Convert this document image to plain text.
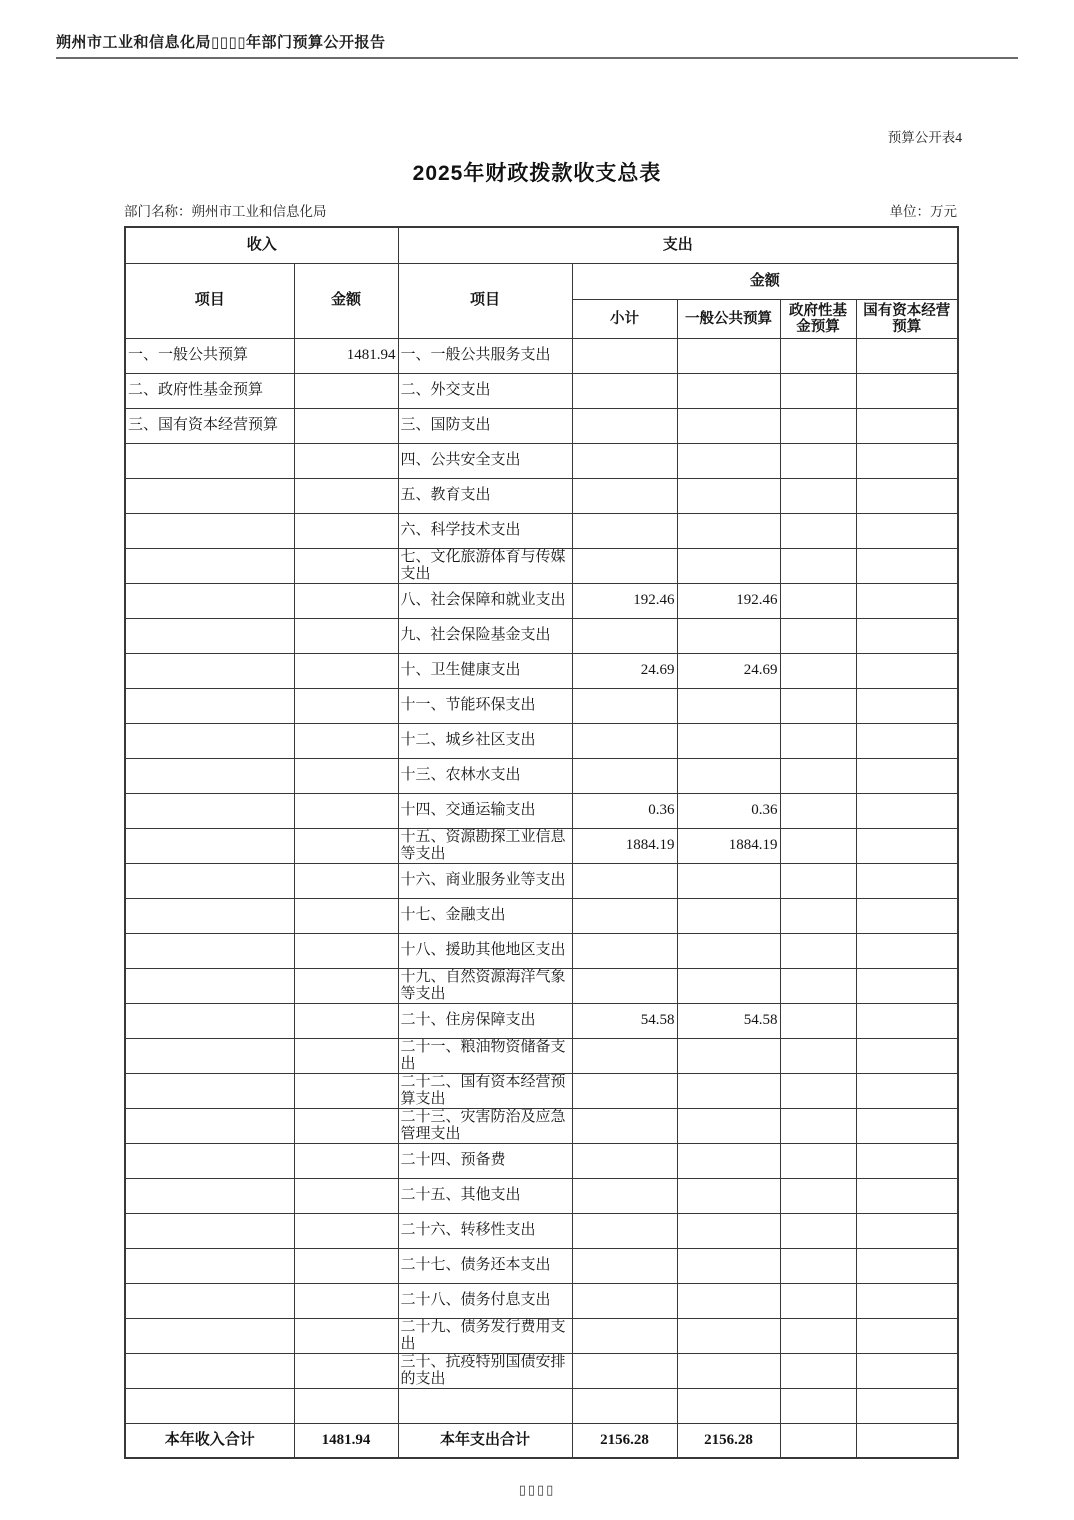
朔州市工业和信息化局▯▯▯▯年部门预算公开报告
预算公开表4
2025年财政拨款收支总表
部门名称：朔州市工业和信息化局	单位：万元
收入		支出				
项目	金额	项目	金额			
			小计	一般公共预算	政府性基金预算	国有资本经营预算
一、一般公共预算	1481.94	一、一般公共服务支出				
二、政府性基金预算		二、外交支出				
三、国有资本经营预算		三、国防支出				
		四、公共安全支出				
		五、教育支出				
		六、科学技术支出				
		七、文化旅游体育与传媒支出				
		八、社会保障和就业支出	192.46	192.46		
		九、社会保险基金支出				
		十、卫生健康支出	24.69	24.69		
		十一、节能环保支出				
		十二、城乡社区支出				
		十三、农林水支出				
		十四、交通运输支出	0.36	0.36		
		十五、资源勘探工业信息等支出	1884.19	1884.19		
		十六、商业服务业等支出				
		十七、金融支出				
		十八、援助其他地区支出				
		十九、自然资源海洋气象等支出				
		二十、住房保障支出	54.58	54.58		
		二十一、粮油物资储备支出				
		二十二、国有资本经营预算支出				
		二十三、灾害防治及应急管理支出				
		二十四、预备费				
		二十五、其他支出				
		二十六、转移性支出				
		二十七、债务还本支出				
		二十八、债务付息支出				
		二十九、债务发行费用支出				
		三十、抗疫特别国债安排的支出				

本年收入合计	1481.94	本年支出合计	2156.28	2156.28		
▯▯▯▯
